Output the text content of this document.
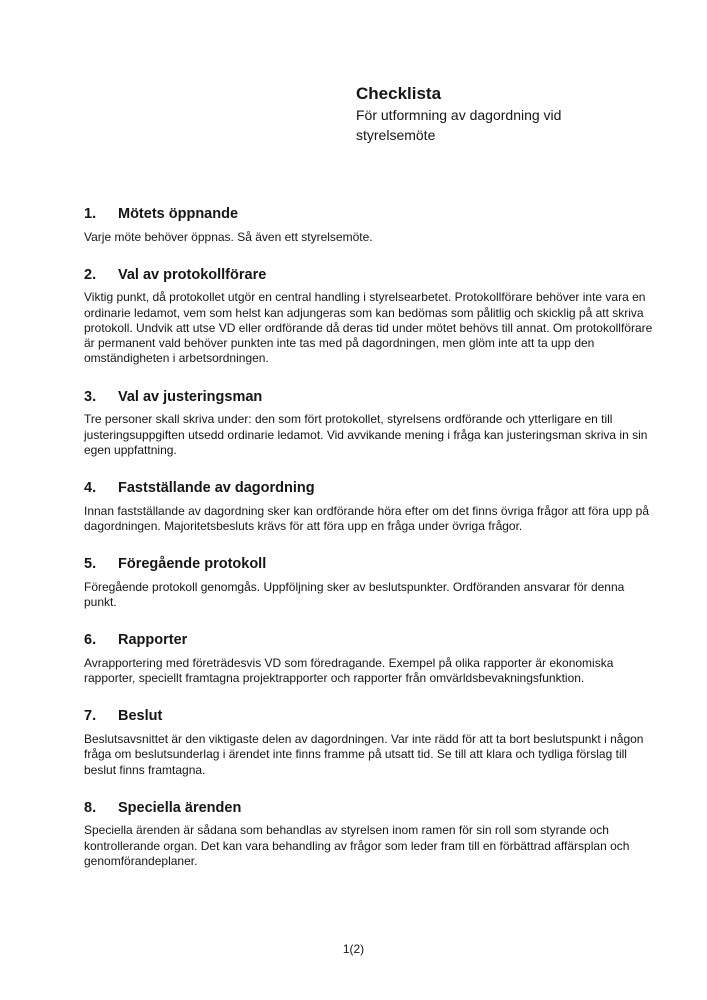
Checklista

För utformning av dagordning vid styrelsemöte

1.	Mötets öppnande

Varje möte behöver öppnas. Så även ett styrelsemöte.

2.	Val av protokollförare

Viktig punkt, då protokollet utgör en central handling i styrelsearbetet. Protokollförare behöver inte vara en ordinarie ledamot, vem som helst kan adjungeras som kan bedömas som pålitlig och skicklig på att skriva protokoll. Undvik att utse VD eller ordförande då deras tid under mötet behövs till annat. Om protokollförare är permanent vald behöver punkten inte tas med på dagordningen, men glöm inte att ta upp den omständigheten i arbetsordningen.

3.	Val av justeringsman

Tre personer skall skriva under: den som fört protokollet, styrelsens ordförande och ytterligare en till justeringsuppgiften utsedd ordinarie ledamot. Vid avvikande mening i fråga kan justeringsman skriva in sin egen uppfattning.

4.	Fastställande av dagordning

Innan fastställande av dagordning sker kan ordförande höra efter om det finns övriga frågor att föra upp på dagordningen. Majoritetsbesluts krävs för att föra upp en fråga under övriga frågor.

5.	Föregående protokoll

Föregående protokoll genomgås. Uppföljning sker av beslutspunkter. Ordföranden ansvarar för denna punkt.

6.	Rapporter

Avrapportering med företrädesvis VD som föredragande. Exempel på olika rapporter är ekonomiska rapporter, speciellt framtagna projektrapporter och rapporter från omvärldsbevakningsfunktion.

7.	Beslut

Beslutsavsnittet är den viktigaste delen av dagordningen. Var inte rädd för att ta bort beslutspunkt i någon fråga om beslutsunderlag i ärendet inte finns framme på utsatt tid. Se till att klara och tydliga förslag till beslut finns framtagna.

8.	Speciella ärenden

Speciella ärenden är sådana som behandlas av styrelsen inom ramen för sin roll som styrande och kontrollerande organ. Det kan vara behandling av frågor som leder fram till en förbättrad affärsplan och genomförandeplaner.

1(2)
